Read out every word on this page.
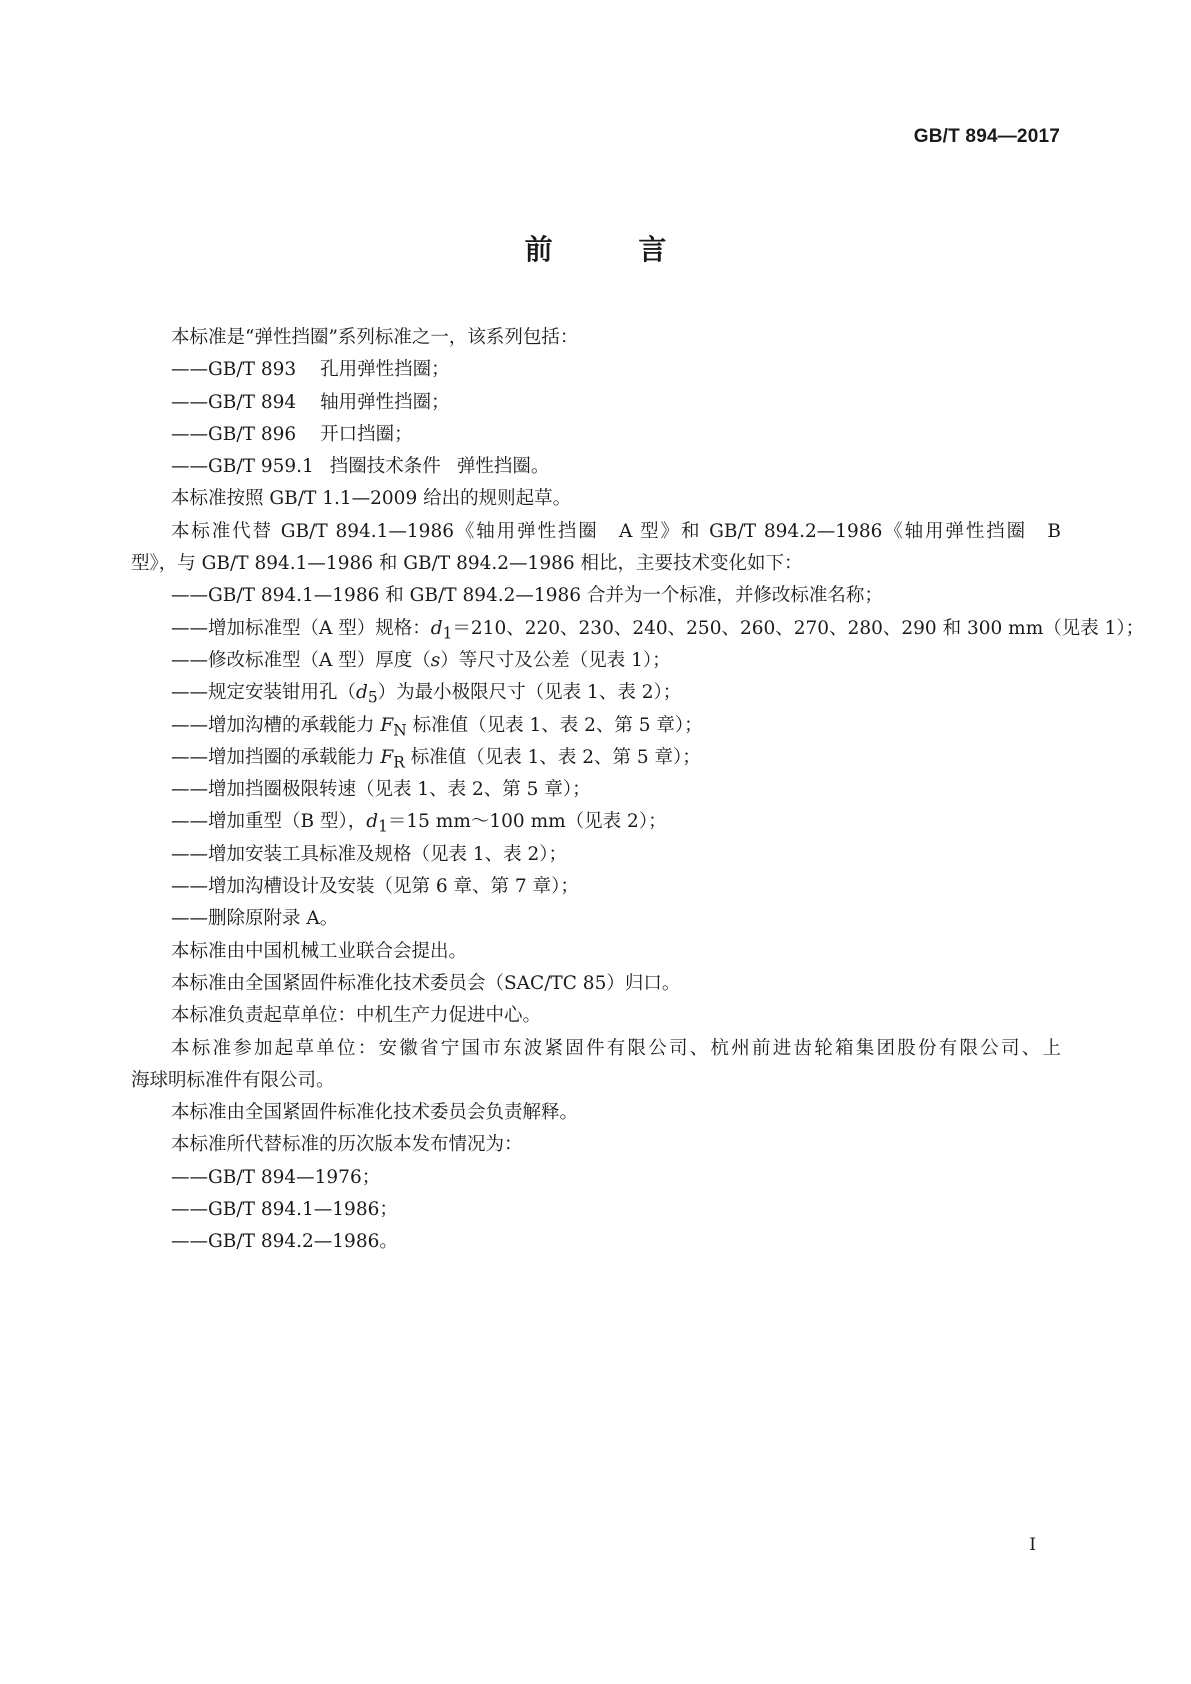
GB/T 894—2017
前 言
本标准是“弹性挡圈”系列标准之一，该系列包括：
——GB/T 893 孔用弹性挡圈；
——GB/T 894 轴用弹性挡圈；
——GB/T 896 开口挡圈；
——GB/T 959.1 挡圈技术条件 弹性挡圈。
本标准按照 GB/T 1.1—2009 给出的规则起草。
本标准代替 GB/T 894.1—1986《轴用弹性挡圈　A 型》和 GB/T 894.2—1986《轴用弹性挡圈　B
型》，与 GB/T 894.1—1986 和 GB/T 894.2—1986 相比，主要技术变化如下：
——GB/T 894.1—1986 和 GB/T 894.2—1986 合并为一个标准，并修改标准名称；
——增加标准型（A 型）规格：$d_1=210$、220、230、240、250、260、270、280、290 和 300 mm（见表 1）；
——修改标准型（A 型）厚度（s）等尺寸及公差（见表 1）；
——规定安装钳用孔$(d_5)$为最小极限尺寸（见表 1、表 2）；
——增加沟槽的承载能力 $F_N$ 标准值（见表 1、表 2、第 5 章）；
——增加挡圈的承载能力 $F_R$ 标准值（见表 1、表 2、第 5 章）；
——增加挡圈极限转速（见表 1、表 2、第 5 章）；
——增加重型（B 型），$d_1=15$ mm～100 mm（见表 2）；
——增加安装工具标准及规格（见表 1、表 2）；
——增加沟槽设计及安装（见第 6 章、第 7 章）；
——删除原附录 A。
本标准由中国机械工业联合会提出。
本标准由全国紧固件标准化技术委员会（SAC/TC 85）归口。
本标准负责起草单位：中机生产力促进中心。
本标准参加起草单位：安徽省宁国市东波紧固件有限公司、杭州前进齿轮箱集团股份有限公司、上
海球明标准件有限公司。
本标准由全国紧固件标准化技术委员会负责解释。
本标准所代替标准的历次版本发布情况为：
——GB/T 894—1976；
——GB/T 894.1—1986；
——GB/T 894.2—1986。
I
